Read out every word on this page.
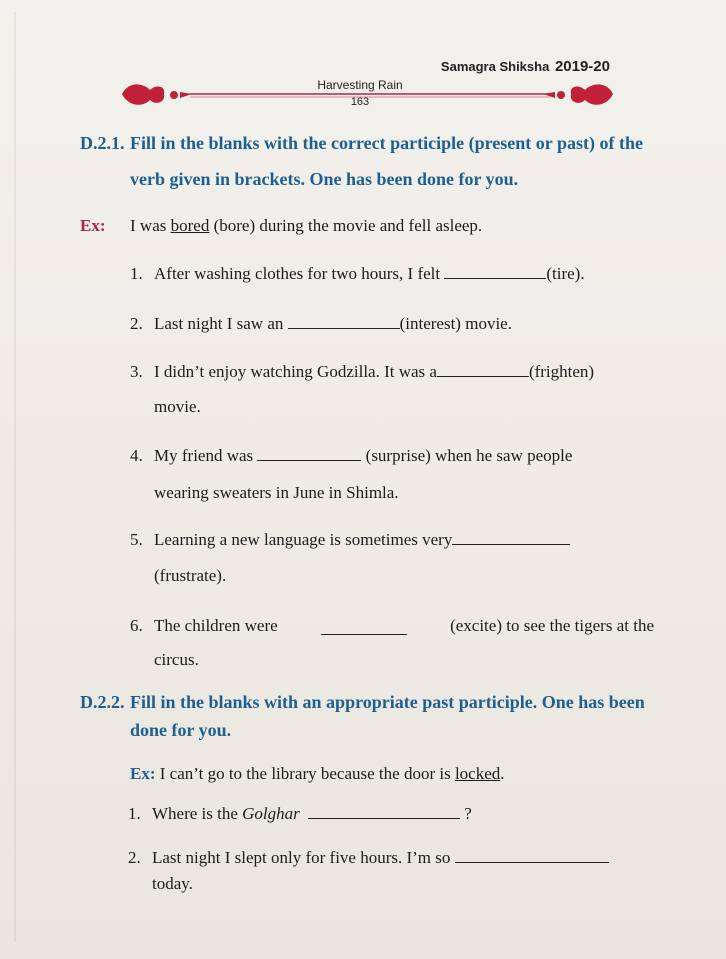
Samagra Shiksha 2019-20
Harvesting Rain
163
D.2.1. Fill in the blanks with the correct participle (present or past) of the verb given in brackets. One has been done for you.
Ex: I was bored (bore) during the movie and fell asleep.
1. After washing clothes for two hours, I felt	(tire).
2. Last night I saw an	(interest) movie.
3. I didn’t enjoy watching Godzilla. It was a	(frighten)
movie.
4. My friend was	(surprise) when he saw people
wearing sweaters in June in Shimla.
5. Learning a new language is sometimes very
(frustrate).
6. The children were	(excite) to see the tigers at the
circus.
D.2.2. Fill in the blanks with an appropriate past participle. One has been done for you.
Ex: I can’t go to the library because the door is locked.
1. Where is the Golghar	?
2. Last night I slept only for five hours. I’m so
today.
